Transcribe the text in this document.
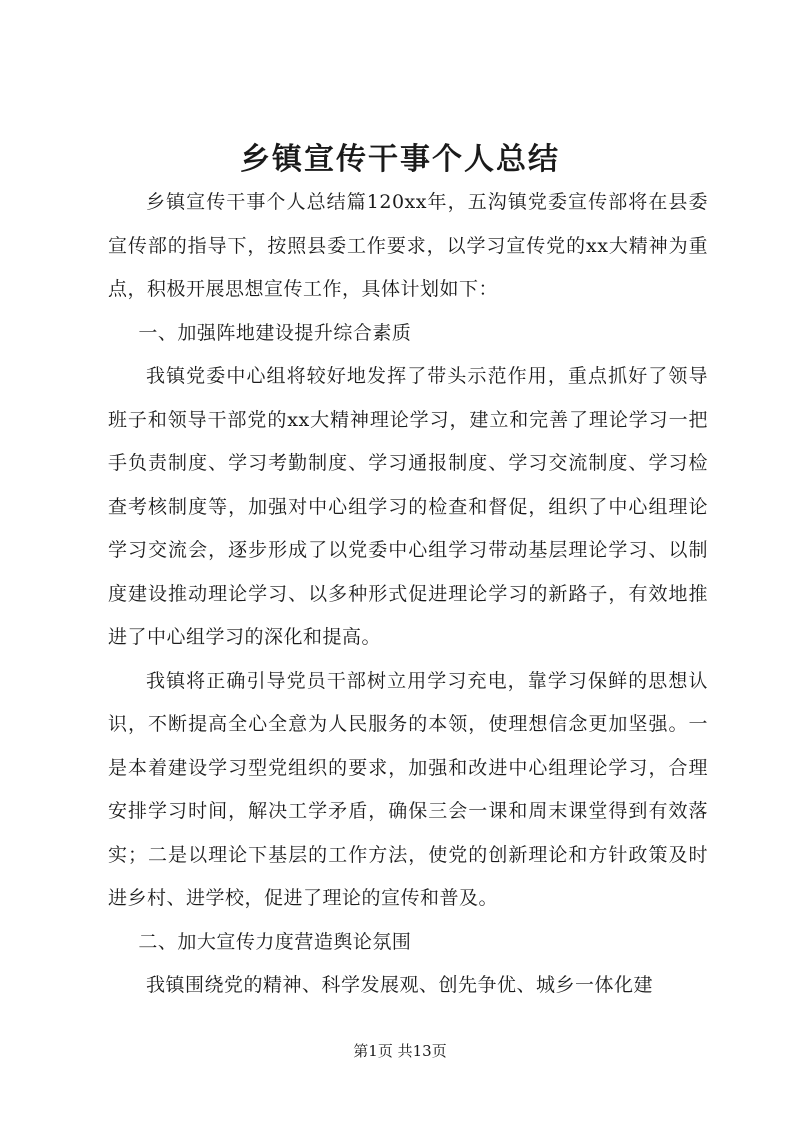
乡镇宣传干事个人总结

乡镇宣传干事个人总结篇120xx年，五沟镇党委宣传部将在县委宣传部的指导下，按照县委工作要求，以学习宣传党的xx大精神为重点，积极开展思想宣传工作，具体计划如下：

一、加强阵地建设提升综合素质

我镇党委中心组将较好地发挥了带头示范作用，重点抓好了领导班子和领导干部党的xx大精神理论学习，建立和完善了理论学习一把手负责制度、学习考勤制度、学习通报制度、学习交流制度、学习检查考核制度等，加强对中心组学习的检查和督促，组织了中心组理论学习交流会，逐步形成了以党委中心组学习带动基层理论学习、以制度建设推动理论学习、以多种形式促进理论学习的新路子，有效地推进了中心组学习的深化和提高。

我镇将正确引导党员干部树立用学习充电，靠学习保鲜的思想认识，不断提高全心全意为人民服务的本领，使理想信念更加坚强。一是本着建设学习型党组织的要求，加强和改进中心组理论学习，合理安排学习时间，解决工学矛盾，确保三会一课和周末课堂得到有效落实；二是以理论下基层的工作方法，使党的创新理论和方针政策及时进乡村、进学校，促进了理论的宣传和普及。

二、加大宣传力度营造舆论氛围

我镇围绕党的精神、科学发展观、创先争优、城乡一体化建

第1页 共13页
